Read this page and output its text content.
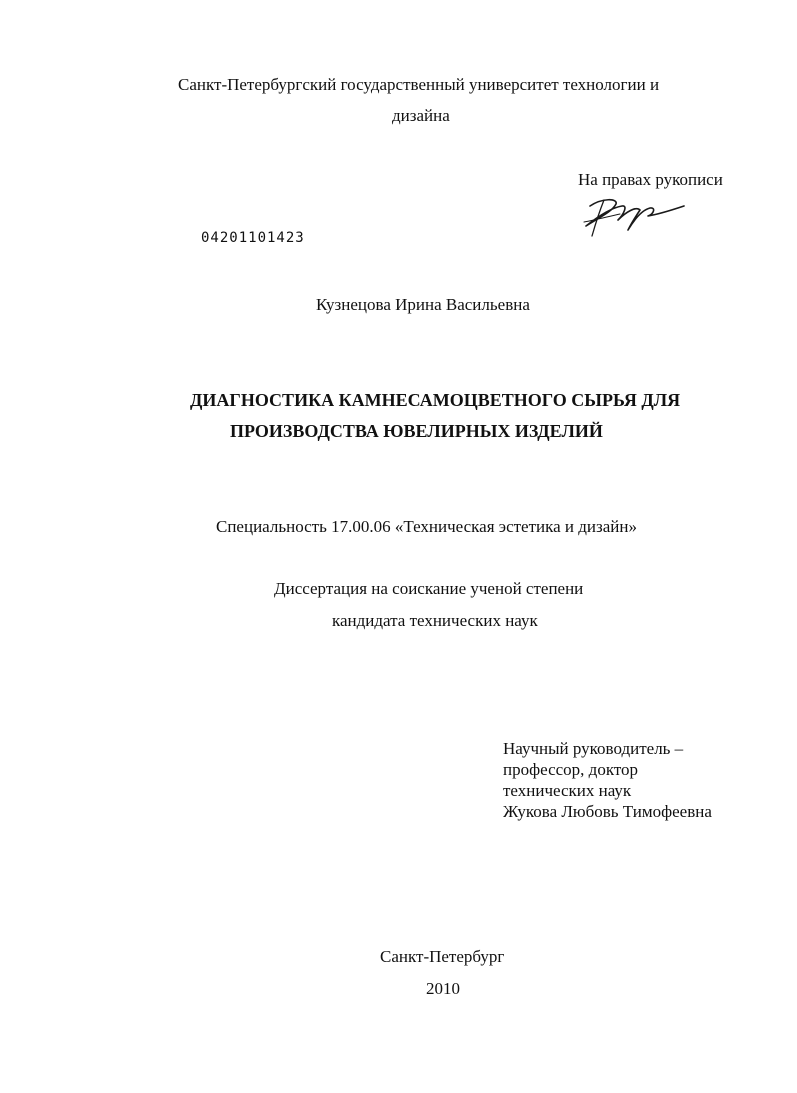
Санкт-Петербургский государственный университет технологии и
дизайна
На правах рукописи
04201101423
Кузнецова Ирина Васильевна
ДИАГНОСТИКА КАМНЕСАМОЦВЕТНОГО СЫРЬЯ ДЛЯ
ПРОИЗВОДСТВА ЮВЕЛИРНЫХ ИЗДЕЛИЙ
Специальность 17.00.06 «Техническая эстетика и дизайн»
Диссертация на соискание ученой степени
кандидата технических наук
Научный руководитель –
профессор, доктор
технических наук
Жукова Любовь Тимофеевна
Санкт-Петербург
2010
